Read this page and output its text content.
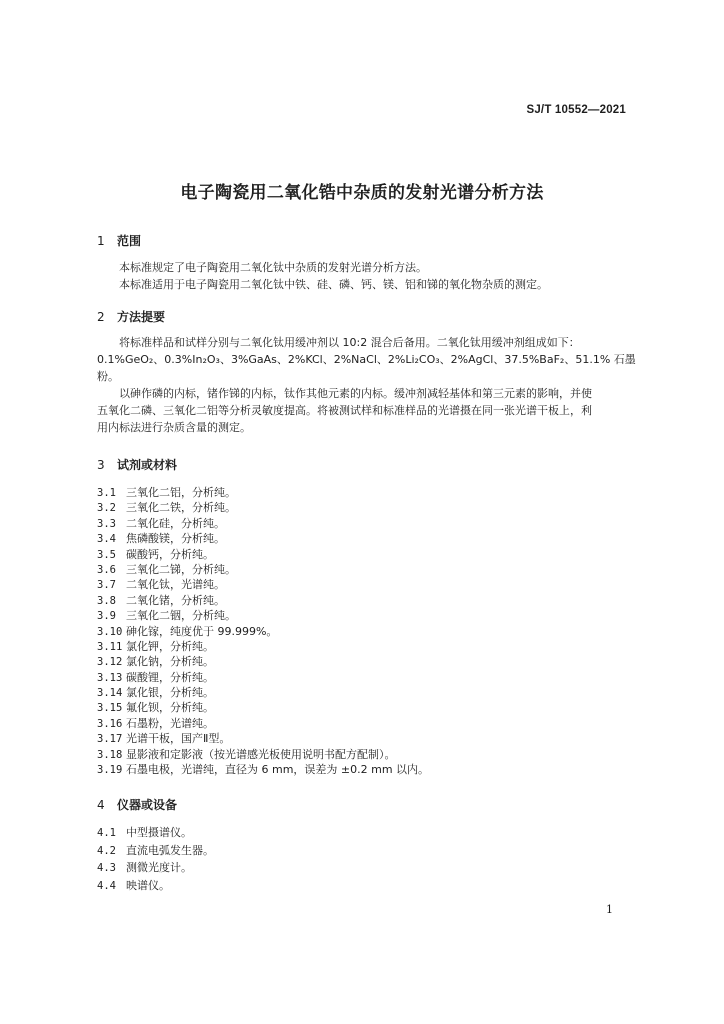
SJ/T 10552—2021
电子陶瓷用二氧化锆中杂质的发射光谱分析方法
1 范围
本标准规定了电子陶瓷用二氧化钛中杂质的发射光谱分析方法。
本标准适用于电子陶瓷用二氧化钛中铁、硅、磷、钙、镁、铝和锑的氧化物杂质的测定。
2 方法提要
将标准样品和试样分别与二氧化钛用缓冲剂以 10:2 混合后备用。二氧化钛用缓冲剂组成如下：
0.1%GeO₂、0.3%In₂O₃、3%GaAs、2%KCl、2%NaCl、2%Li₂CO₃、2%AgCl、37.5%BaF₂、51.1% 石墨
粉。
以砷作磷的内标，锗作锑的内标，钛作其他元素的内标。缓冲剂减轻基体和第三元素的影响，并使
五氧化二磷、三氧化二铝等分析灵敏度提高。将被测试样和标准样品的光谱摄在同一张光谱干板上，利
用内标法进行杂质含量的测定。
3 试剂或材料
3.1 三氧化二铝，分析纯。
3.2 三氧化二铁，分析纯。
3.3 二氧化硅，分析纯。
3.4 焦磷酸镁，分析纯。
3.5 碳酸钙，分析纯。
3.6 三氧化二锑，分析纯。
3.7 二氧化钛，光谱纯。
3.8 二氧化锗，分析纯。
3.9 三氧化二铟，分析纯。
3.10 砷化镓，纯度优于 99.999%。
3.11 氯化钾，分析纯。
3.12 氯化钠，分析纯。
3.13 碳酸锂，分析纯。
3.14 氯化银，分析纯。
3.15 氟化钡，分析纯。
3.16 石墨粉，光谱纯。
3.17 光谱干板，国产Ⅱ型。
3.18 显影液和定影液（按光谱感光板使用说明书配方配制）。
3.19 石墨电极，光谱纯，直径为 6 mm，误差为 ±0.2 mm 以内。
4 仪器或设备
4.1 中型摄谱仪。
4.2 直流电弧发生器。
4.3 测微光度计。
4.4 映谱仪。
1
